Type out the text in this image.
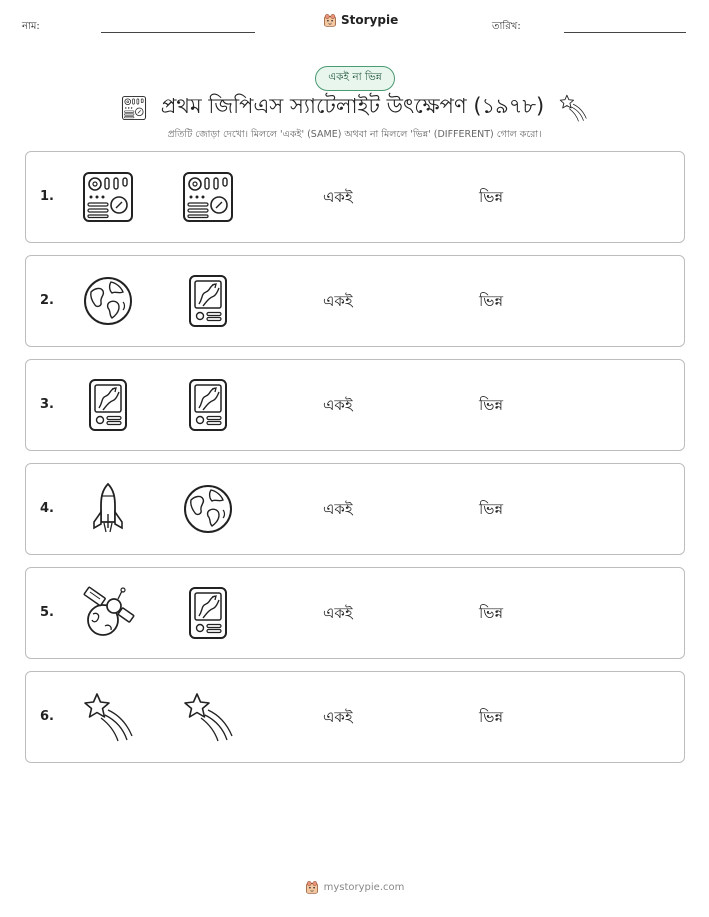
নাম:	Storypie	তারিখ:
একই না ভিন্ন
প্রথম জিপিএস স্যাটেলাইট উৎক্ষেপণ (১৯৭৮)
প্রতিটি জোড়া দেখো। মিললে 'একই' (SAME) অথবা না মিললে 'ভিন্ন' (DIFFERENT) গোল করো।
1.	একই	ভিন্ন
2.	একই	ভিন্ন
3.	একই	ভিন্ন
4.	একই	ভিন্ন
5.	একই	ভিন্ন
6.	একই	ভিন্ন
mystorypie.com
